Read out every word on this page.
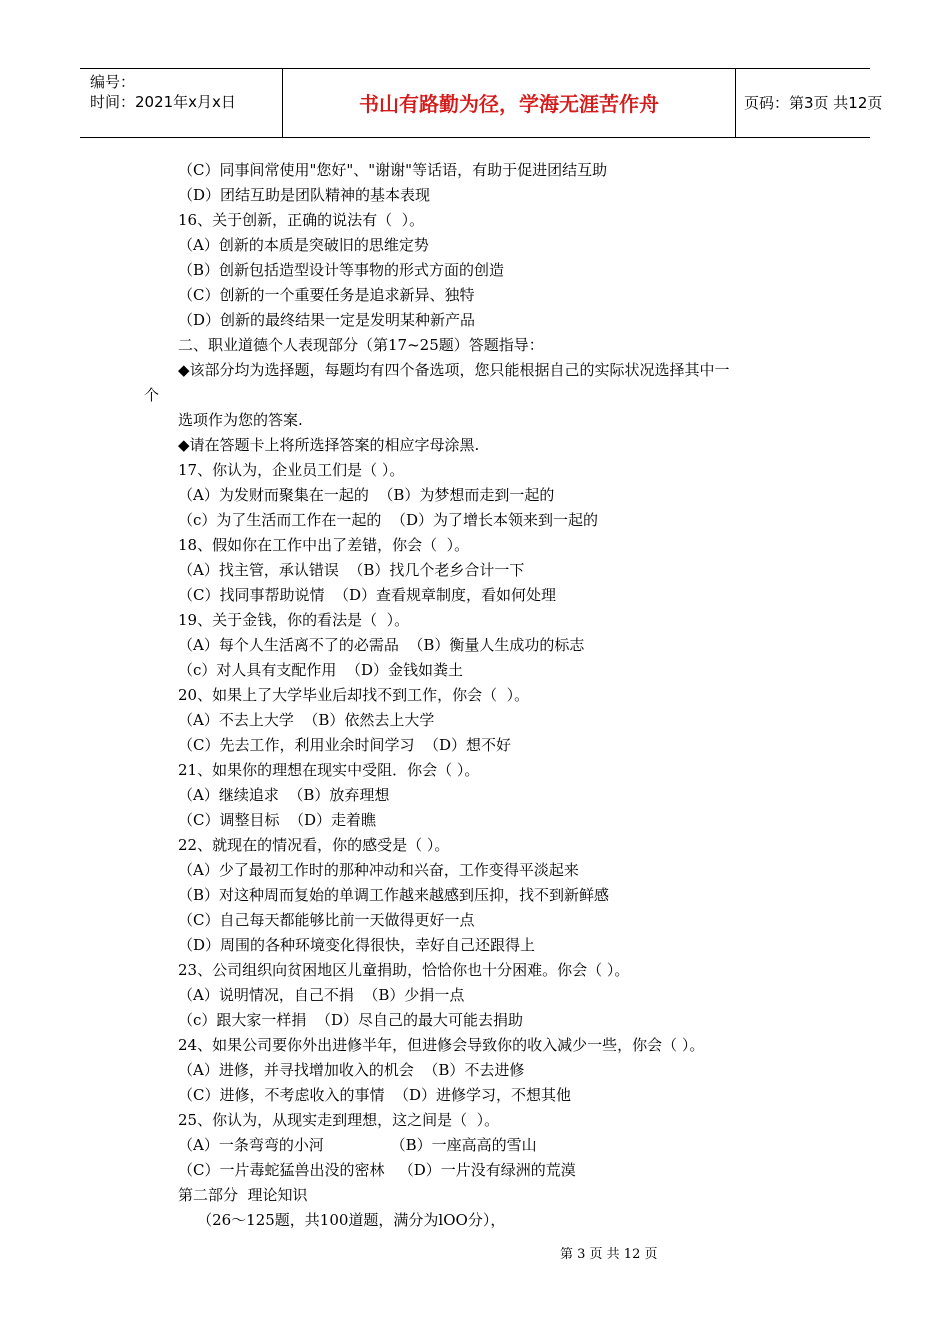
编号：
时间：2021年x月x日	书山有路勤为径，学海无涯苦作舟	页码：第3页 共12页
（C）同事间常使用"您好"、"谢谢"等话语，有助于促进团结互助
（D）团结互助是团队精神的基本表现
16、关于创新，正确的说法有（  ）。
（A）创新的本质是突破旧的思维定势
（B）创新包括造型设计等事物的形式方面的创造
（C）创新的一个重要任务是追求新异、独特
（D）创新的最终结果一定是发明某种新产品
二、职业道德个人表现部分（第17~25题）答题指导：
◆该部分均为选择题，每题均有四个备选项，您只能根据自己的实际状况选择其中一
个
选项作为您的答案.
◆请在答题卡上将所选择答案的相应字母涂黑.
17、你认为，企业员工们是（ ）。
（A）为发财而聚集在一起的  （B）为梦想而走到一起的
（c）为了生活而工作在一起的  （D）为了增长本领来到一起的
18、假如你在工作中出了差错，你会（  ）。
（A）找主管，承认错误  （B）找几个老乡合计一下
（C）找同事帮助说情  （D）查看规章制度，看如何处理
19、关于金钱，你的看法是（  ）。
（A）每个人生活离不了的必需品  （B）衡量人生成功的标志
（c）对人具有支配作用  （D）金钱如粪土
20、如果上了大学毕业后却找不到工作，你会（  ）。
（A）不去上大学  （B）依然去上大学
（C）先去工作，利用业余时间学习  （D）想不好
21、如果你的理想在现实中受阻．你会（ ）。
（A）继续追求  （B）放弃理想
（C）调整目标  （D）走着瞧
22、就现在的情况看，你的感受是（ ）。
（A）少了最初工作时的那种冲动和兴奋，工作变得平淡起来
（B）对这种周而复始的单调工作越来越感到压抑，找不到新鲜感
（C）自己每天都能够比前一天做得更好一点
（D）周围的各种环境变化得很快，幸好自己还跟得上
23、公司组织向贫困地区儿童捐助，恰恰你也十分困难。你会（ ）。
（A）说明情况，自己不捐  （B）少捐一点
（c）跟大家一样捐  （D）尽自己的最大可能去捐助
24、如果公司要你外出进修半年，但进修会导致你的收入减少一些，你会（ ）。
（A）进修，并寻找增加收入的机会  （B）不去进修
（C）进修，不考虑收入的事情  （D）进修学习，不想其他
25、你认为，从现实走到理想，这之间是（  ）。
（A）一条弯弯的小河              （B）一座高高的雪山
（C）一片毒蛇猛兽出没的密林   （D）一片没有绿洲的荒漠
第二部分  理论知识
（26～125题，共100道题，满分为lOO分），
第 3 页 共 12 页
